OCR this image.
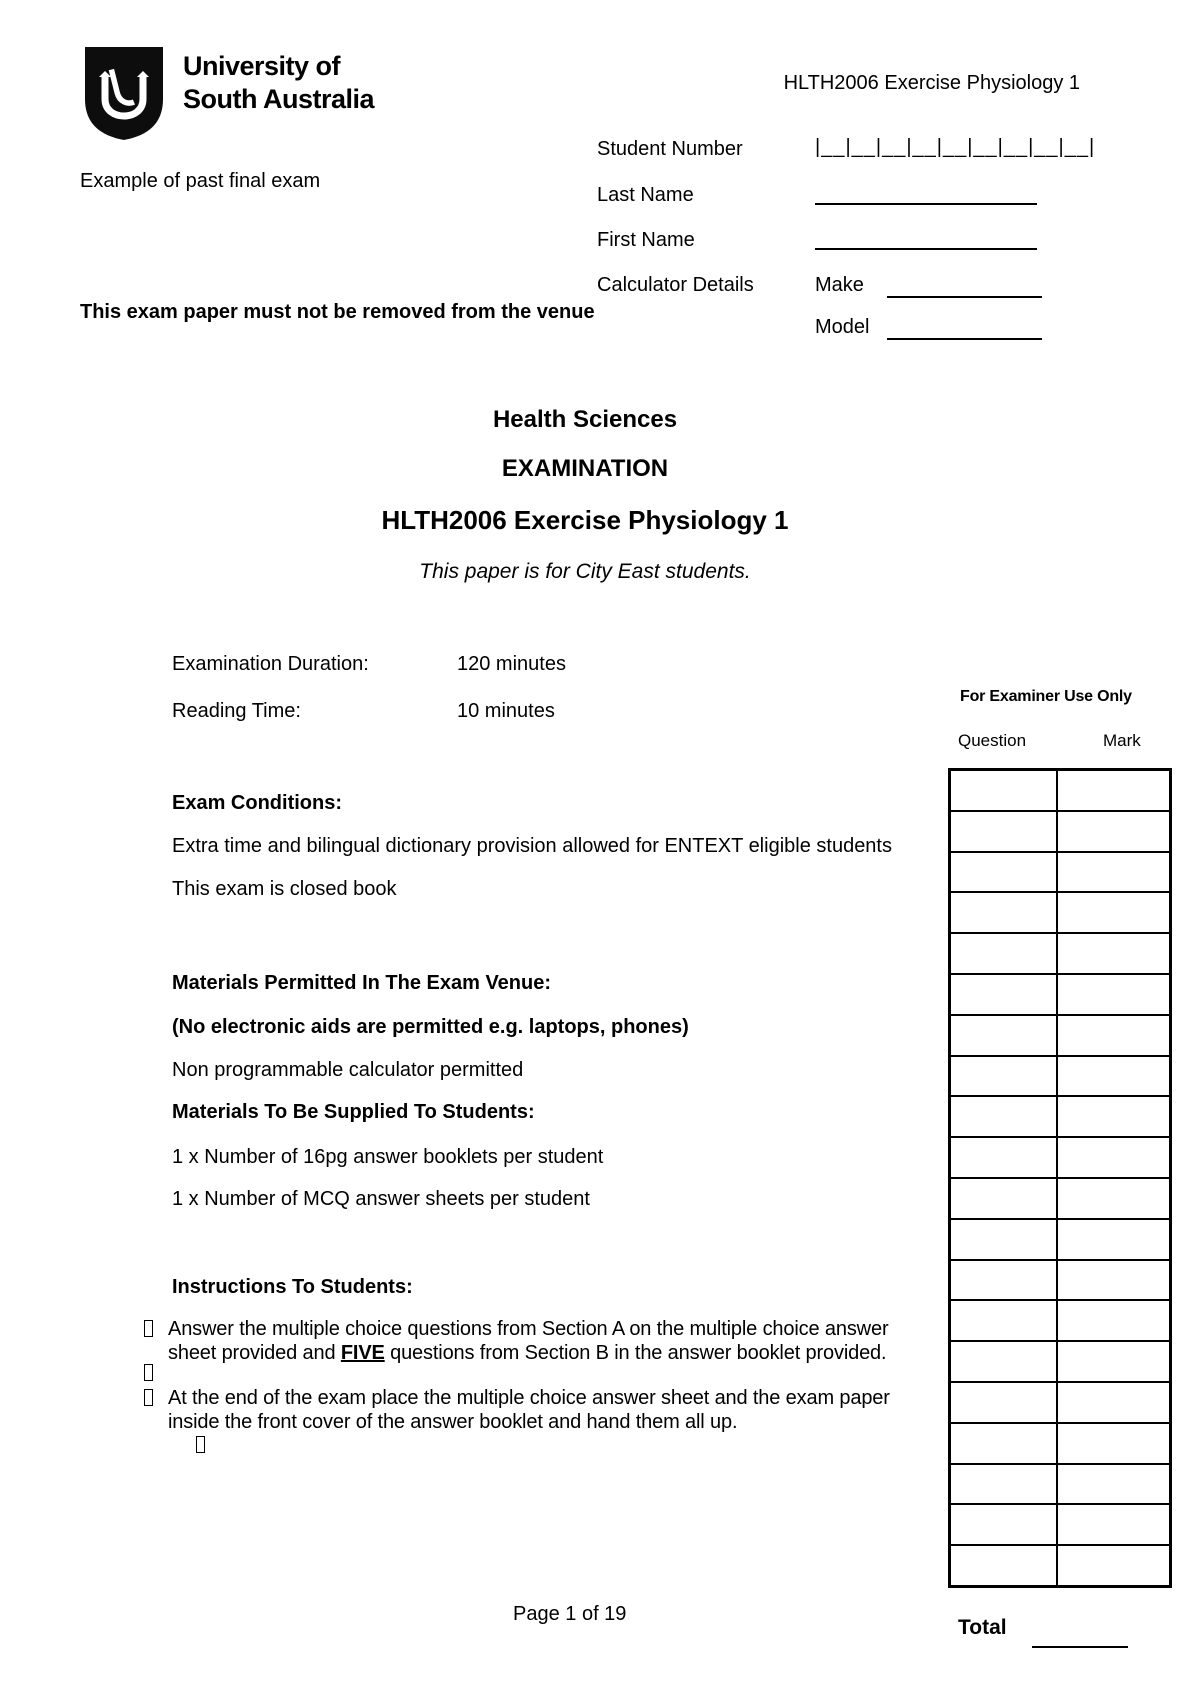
University of
South Australia
HLTH2006 Exercise Physiology 1
Example of past final exam
This exam paper must not be removed from the venue
Student Number	|__|__|__|__|__|__|__|__|__|
Last Name
First Name
Calculator Details	Make
Model
Health Sciences
EXAMINATION
HLTH2006 Exercise Physiology 1
This paper is for City East students.
Examination Duration:	120 minutes
Reading Time:	10 minutes
Exam Conditions:
Extra time and bilingual dictionary provision allowed for ENTEXT eligible students
This exam is closed book
Materials Permitted In The Exam Venue:
(No electronic aids are permitted e.g. laptops, phones)
Non programmable calculator permitted
Materials To Be Supplied To Students:
1 x Number of 16pg answer booklets per student
1 x Number of MCQ answer sheets per student
Instructions To Students:
Answer the multiple choice questions from Section A on the multiple choice answer sheet provided and FIVE questions from Section B in the answer booklet provided.
At the end of the exam place the multiple choice answer sheet and the exam paper inside the front cover of the answer booklet and hand them all up.
For Examiner Use Only
Question	Mark
Total
Page 1 of 19
